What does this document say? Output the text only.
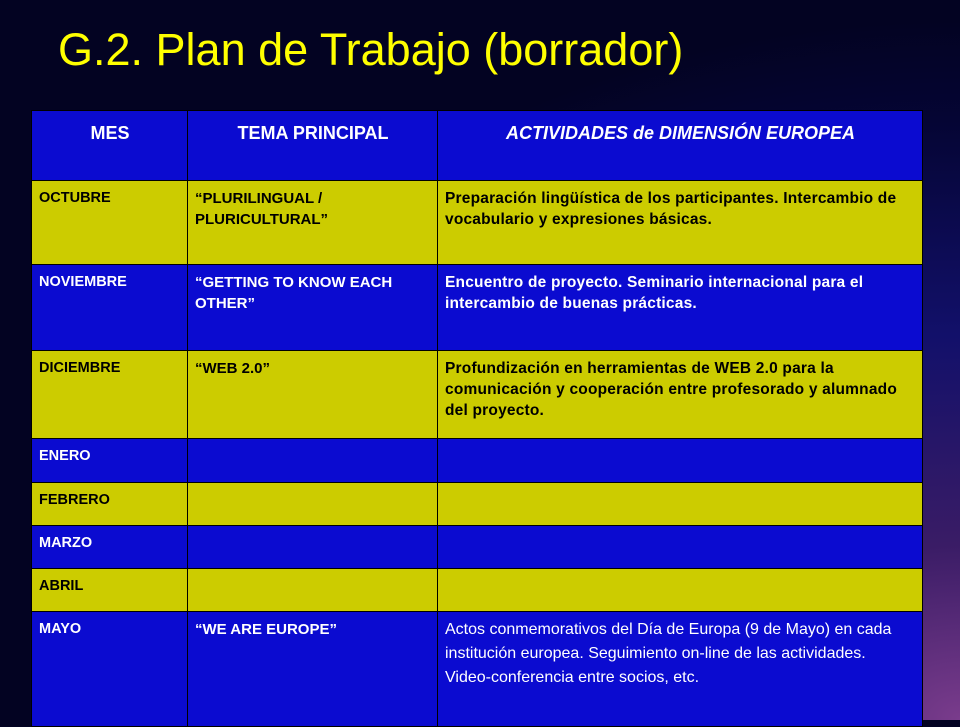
G.2. Plan de Trabajo (borrador)
MES	TEMA PRINCIPAL	ACTIVIDADES de DIMENSIÓN EUROPEA
OCTUBRE	“PLURILINGUAL / PLURICULTURAL”	Preparación lingüística de los participantes. Intercambio de vocabulario y expresiones básicas.
NOVIEMBRE	“GETTING TO KNOW EACH OTHER”	Encuentro de proyecto. Seminario internacional para el intercambio de buenas prácticas.
DICIEMBRE	“WEB 2.0”	Profundización en herramientas de WEB 2.0 para la comunicación y cooperación entre profesorado y alumnado del proyecto.
ENERO		
FEBRERO		
MARZO		
ABRIL		
MAYO	“WE ARE EUROPE”	Actos conmemorativos del Día de Europa (9 de Mayo) en cada institución europea. Seguimiento on-line de las actividades. Video-conferencia entre socios, etc.
